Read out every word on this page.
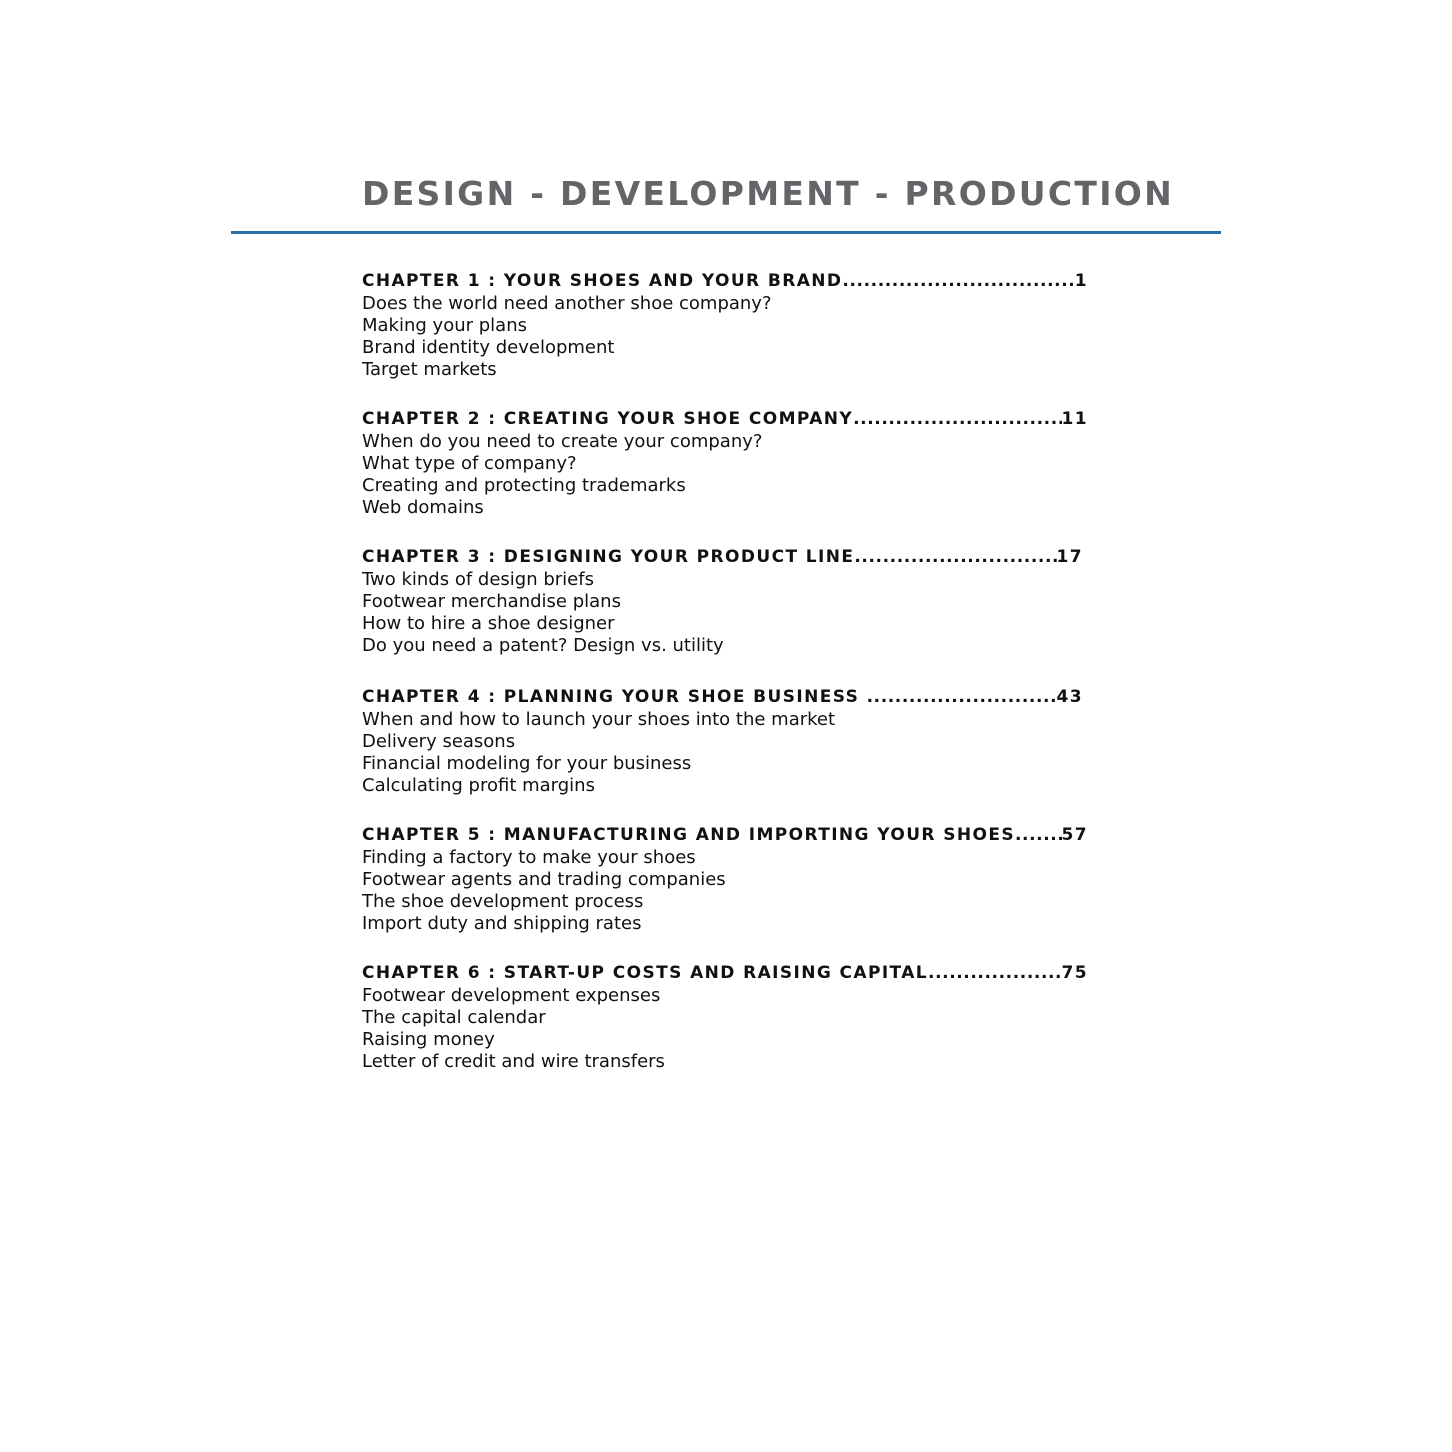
DESIGN - DEVELOPMENT - PRODUCTION
CHAPTER 1 : YOUR SHOES AND YOUR BRAND .....	1
Does the world need another shoe company?
Making your plans
Brand identity development
Target markets
CHAPTER 2 : CREATING YOUR SHOE COMPANY .....	11
When do you need to create your company?
What type of company?
Creating and protecting trademarks
Web domains
CHAPTER 3 : DESIGNING YOUR PRODUCT LINE .....	17
Two kinds of design briefs
Footwear merchandise plans
How to hire a shoe designer
Do you need a patent? Design vs. utility
CHAPTER 4 : PLANNING YOUR SHOE BUSINESS .....	43
When and how to launch your shoes into the market
Delivery seasons
Financial modeling for your business
Calculating profit margins
CHAPTER 5 : MANUFACTURING AND IMPORTING YOUR SHOES .....	57
Finding a factory to make your shoes
Footwear agents and trading companies
The shoe development process
Import duty and shipping rates
CHAPTER 6 : START-UP COSTS AND RAISING CAPITAL .....	75
Footwear development expenses
The capital calendar
Raising money
Letter of credit and wire transfers
